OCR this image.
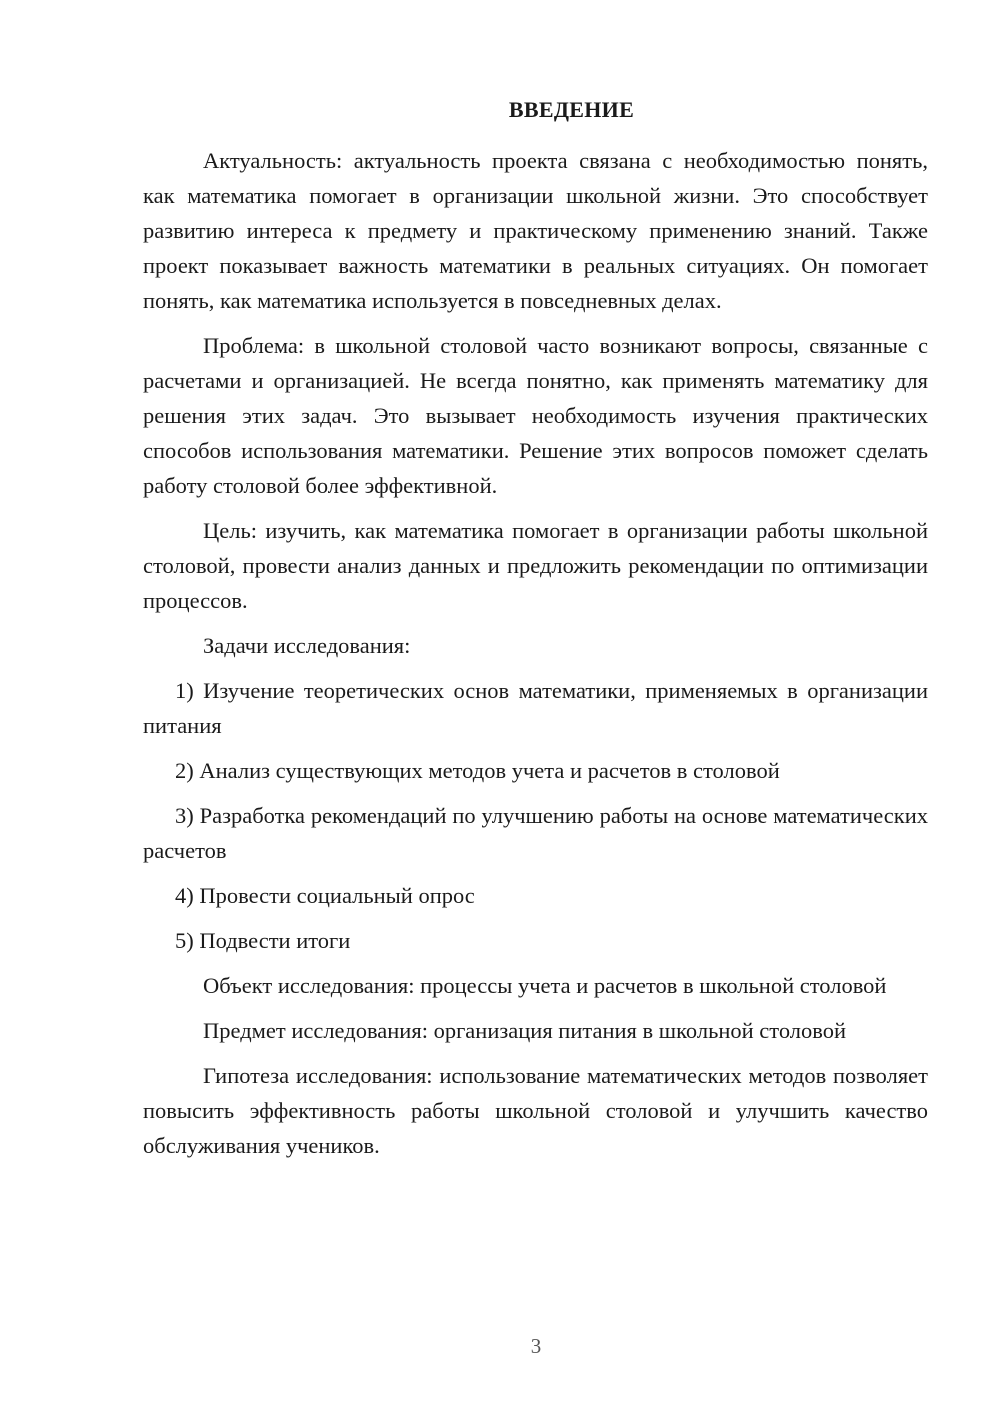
ВВЕДЕНИЕ

Актуальность: актуальность проекта связана с необходимостью понять, как математика помогает в организации школьной жизни. Это способствует развитию интереса к предмету и практическому применению знаний. Также проект показывает важность математики в реальных ситуациях. Он помогает понять, как математика используется в повседневных делах.

Проблема: в школьной столовой часто возникают вопросы, связанные с расчетами и организацией. Не всегда понятно, как применять математику для решения этих задач. Это вызывает необходимость изучения практических способов использования математики. Решение этих вопросов поможет сделать работу столовой более эффективной.

Цель: изучить, как математика помогает в организации работы школьной столовой, провести анализ данных и предложить рекомендации по оптимизации процессов.

Задачи исследования:

1) Изучение теоретических основ математики, применяемых в организации питания

2) Анализ существующих методов учета и расчетов в столовой

3) Разработка рекомендаций по улучшению работы на основе математических расчетов

4) Провести социальный опрос

5) Подвести итоги

Объект исследования: процессы учета и расчетов в школьной столовой

Предмет исследования: организация питания в школьной столовой

Гипотеза исследования: использование математических методов позволяет повысить эффективность работы школьной столовой и улучшить качество обслуживания учеников.

3
